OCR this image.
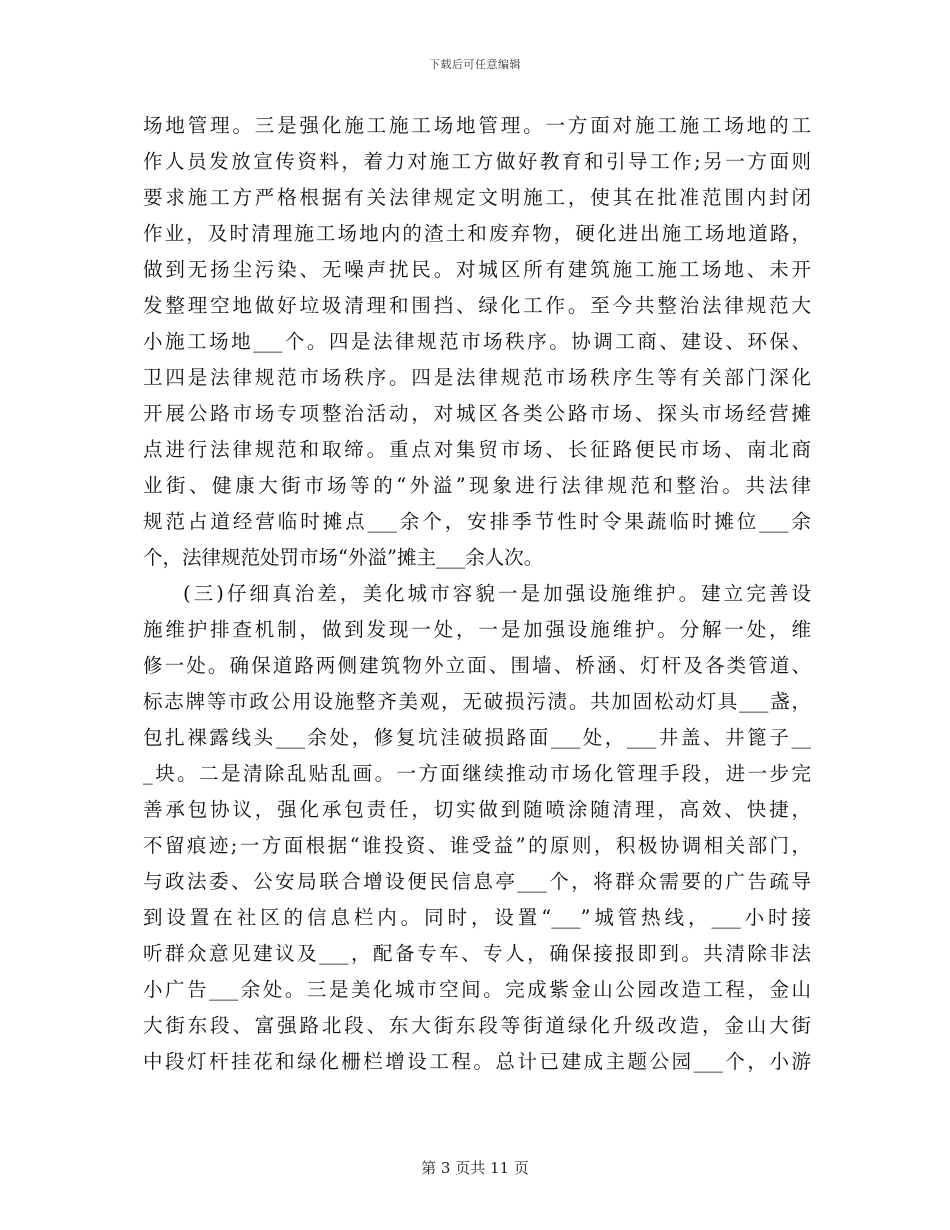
下载后可任意编辑
场地管理。三是强化施工施工场地管理。一方面对施工施工场地的工
作人员发放宣传资料，着力对施工方做好教育和引导工作;另一方面则
要求施工方严格根据有关法律规定文明施工，使其在批准范围内封闭
作业，及时清理施工场地内的渣土和废弃物，硬化进出施工场地道路，
做到无扬尘污染、无噪声扰民。对城区所有建筑施工施工场地、未开
发整理空地做好垃圾清理和围挡、绿化工作。至今共整治法律规范大
小施工场地___个。四是法律规范市场秩序。协调工商、建设、环保、
卫四是法律规范市场秩序。四是法律规范市场秩序生等有关部门深化
开展公路市场专项整治活动，对城区各类公路市场、探头市场经营摊
点进行法律规范和取缔。重点对集贸市场、长征路便民市场、南北商
业街、健康大街市场等的“外溢”现象进行法律规范和整治。共法律
规范占道经营临时摊点___余个，安排季节性时令果蔬临时摊位___余
个，法律规范处罚市场“外溢”摊主___余人次。
(三)仔细真治差，美化城市容貌一是加强设施维护。建立完善设
施维护排查机制，做到发现一处，一是加强设施维护。分解一处，维
修一处。确保道路两侧建筑物外立面、围墙、桥涵、灯杆及各类管道、
标志牌等市政公用设施整齐美观，无破损污渍。共加固松动灯具___盏，
包扎裸露线头___余处，修复坑洼破损路面___处，___井盖、井篦子__
_块。二是清除乱贴乱画。一方面继续推动市场化管理手段，进一步完
善承包协议，强化承包责任，切实做到随喷涂随清理，高效、快捷，
不留痕迹;一方面根据“谁投资、谁受益”的原则，积极协调相关部门，
与政法委、公安局联合增设便民信息亭___个，将群众需要的广告疏导
到设置在社区的信息栏内。同时，设置“___”城管热线，___小时接
听群众意见建议及___，配备专车、专人，确保接报即到。共清除非法
小广告___余处。三是美化城市空间。完成紫金山公园改造工程，金山
大街东段、富强路北段、东大街东段等街道绿化升级改造，金山大街
中段灯杆挂花和绿化栅栏增设工程。总计已建成主题公园___个，小游
第 3 页共 11 页
